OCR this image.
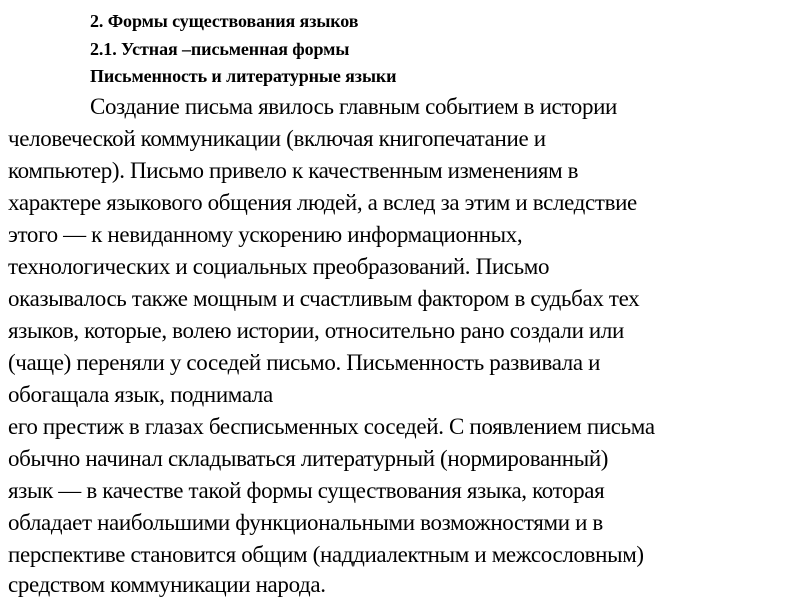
2. Формы существования языков
2.1. Устная –письменная формы
Письменность и литературные языки
Создание письма явилось главным событием в истории
человеческой коммуникации (включая книгопечатание и
компьютер). Письмо привело к качественным изменениям в
характере языкового общения людей, а вслед за этим и вследствие
этого — к невиданному ускорению информационных,
технологических и социальных преобразований. Письмо
оказывалось также мощным и счастливым фактором в судьбах тех
языков, которые, волею истории, относительно рано создали или
(чаще) переняли у соседей письмо. Письменность развивала и
обогащала язык, поднимала
его престиж в глазах бесписьменных соседей. С появлением письма
обычно начинал складываться литературный (нормированный)
язык — в качестве такой формы существования языка, которая
обладает наибольшими функциональными возможностями и в
перспективе становится общим (наддиалектным и межсословным)
средством коммуникации народа.
